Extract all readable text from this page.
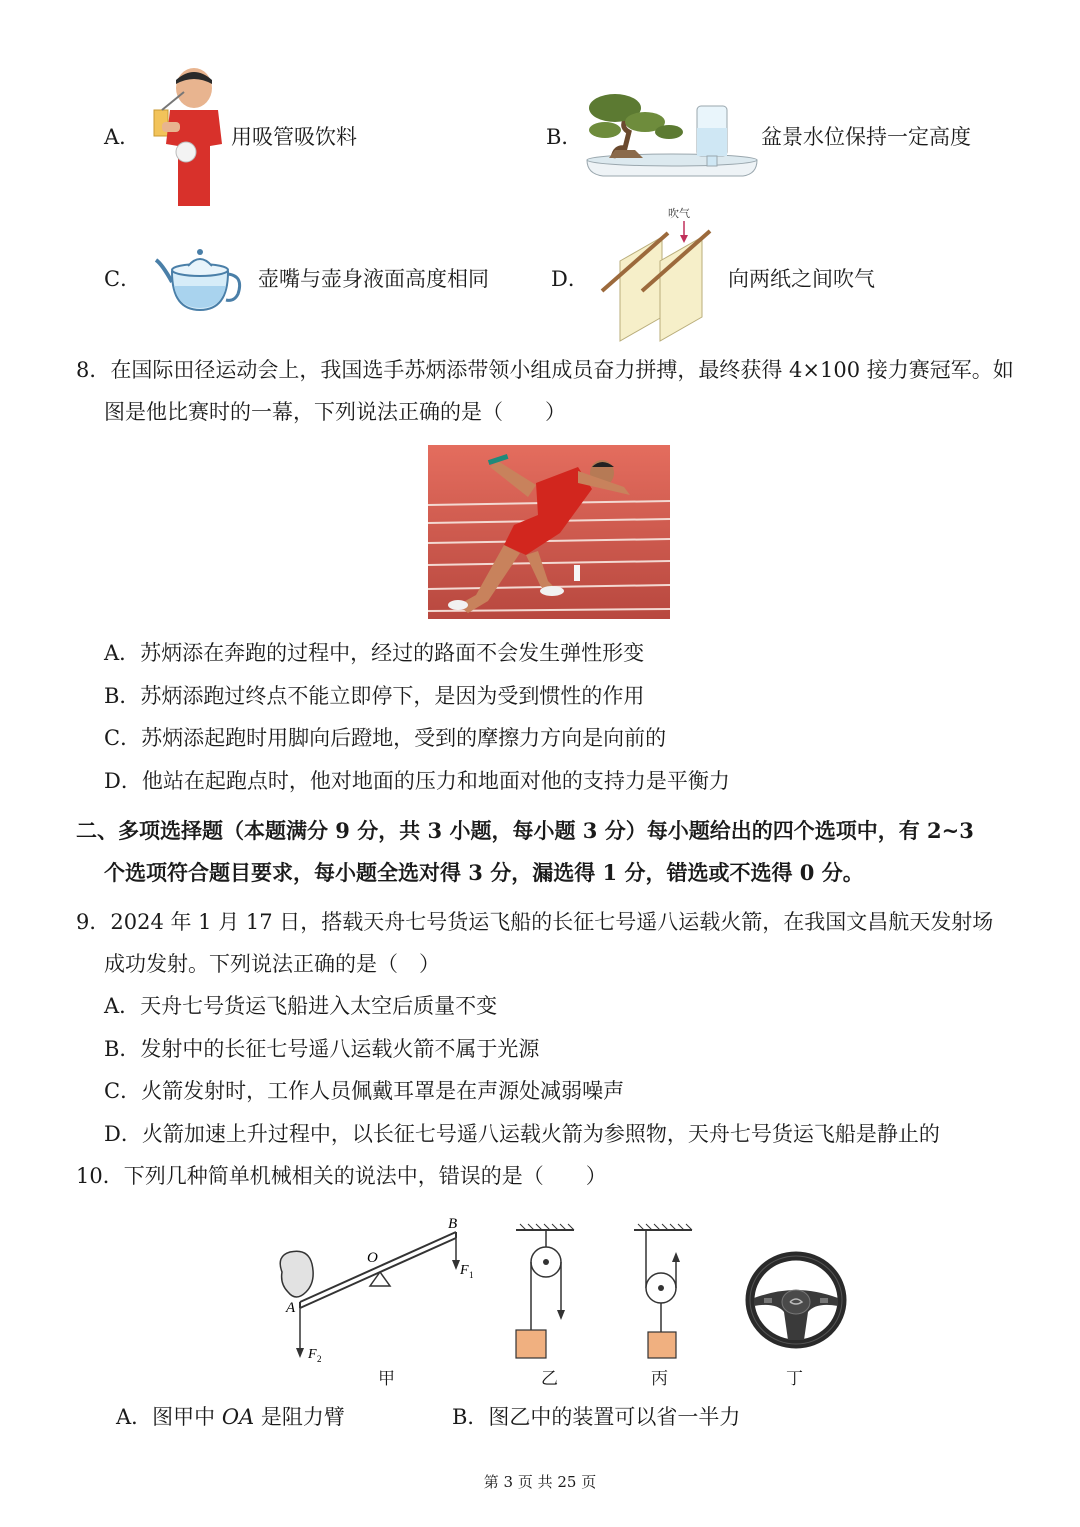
A．	用吸管吸饮料	B．	盆景水位保持一定高度
C．	壶嘴与壶身液面高度相同
吹气
D．	向两纸之间吹气
8．在国际田径运动会上，我国选手苏炳添带领小组成员奋力拼搏，最终获得 4×100 接力赛冠军。如
图是他比赛时的一幕，下列说法正确的是（　　）
A．苏炳添在奔跑的过程中，经过的路面不会发生弹性形变
B．苏炳添跑过终点不能立即停下，是因为受到惯性的作用
C．苏炳添起跑时用脚向后蹬地，受到的摩擦力方向是向前的
D．他站在起跑点时，他对地面的压力和地面对他的支持力是平衡力
二、多项选择题（本题满分 9 分，共 3 小题，每小题 3 分）每小题给出的四个选项中，有 2~3
个选项符合题目要求，每小题全选对得 3 分，漏选得 1 分，错选或不选得 0 分。
9．2024 年 1 月 17 日，搭载天舟七号货运飞船的长征七号遥八运载火箭，在我国文昌航天发射场
成功发射。下列说法正确的是（　）
A．天舟七号货运飞船进入太空后质量不变
B．发射中的长征七号遥八运载火箭不属于光源
C．火箭发射时，工作人员佩戴耳罩是在声源处减弱噪声
D．火箭加速上升过程中，以长征七号遥八运载火箭为参照物，天舟七号货运飞船是静止的
10．下列几种简单机械相关的说法中，错误的是（　　）
B
O
A
F 1
F 2
甲	乙	丙	丁
A．图甲中 OA 是阻力臂	B．图乙中的装置可以省一半力
第 3 页 共 25 页
